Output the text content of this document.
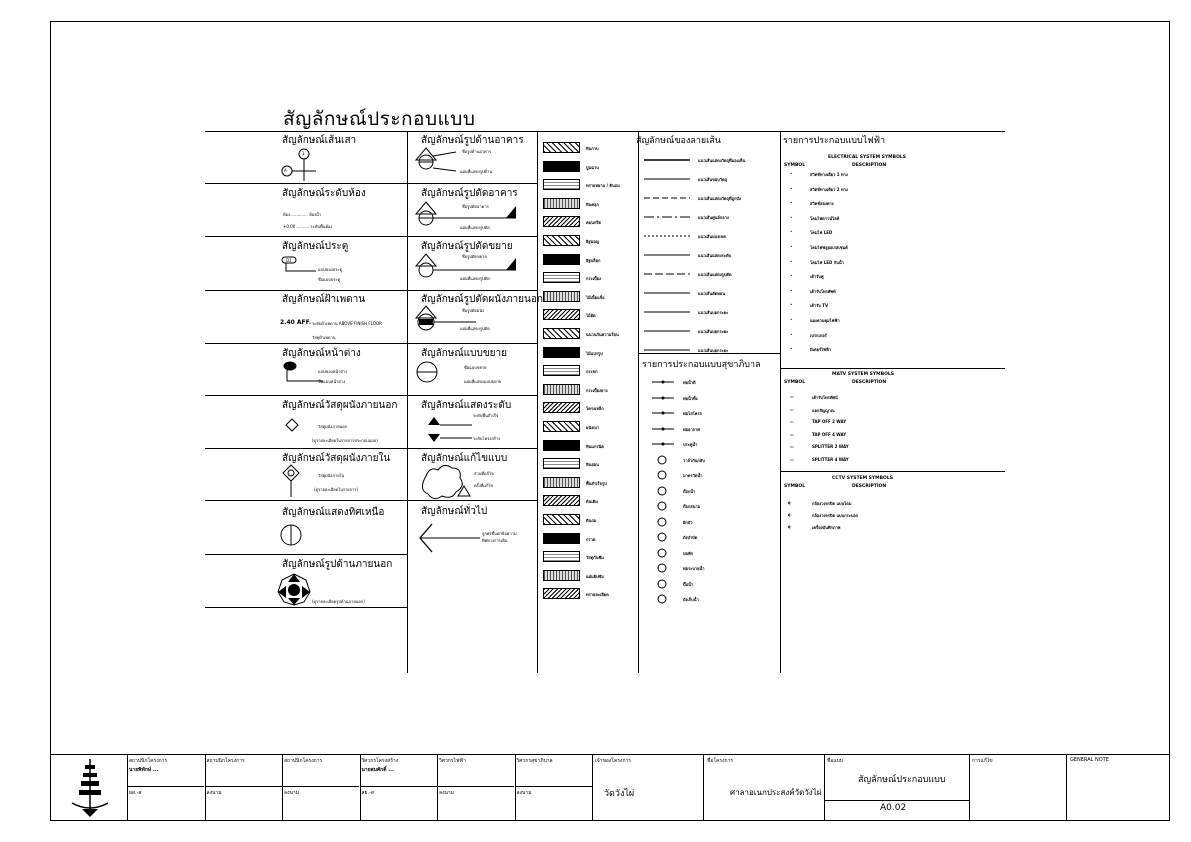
สัญลักษณ์ประกอบแบบ
สัญลักษณ์เส้นเสา
A
1
สัญลักษณ์ระดับห้อง
ห้อง.............. ห้องน้ำ
+0.00 .......... ระดับพื้นห้อง
สัญลักษณ์ประตู
D1
แบบของประตู
ชื่อแบบประตู
สัญลักษณ์ฝ้าเพดาน
2.40 AFF. ระดับฝ้าเพดาน ABOVE FINISH FLOOR
วัสดุฝ้าเพดาน
สัญลักษณ์หน้าต่าง
แบบของหน้าต่าง
ชื่อแบบหน้าต่าง
สัญลักษณ์วัสดุผนังภายนอก
วัสดุผนังภายนอก
(ดูรายละเอียดในรายการประกอบแบบ)
สัญลักษณ์วัสดุผนังภายใน
วัสดุผนังภายใน
(ดูรายละเอียดในรายการ)
สัญลักษณ์แสดงทิศเหนือ
สัญลักษณ์รูปด้านภายนอก
(ดูรายละเอียดรูปด้านภายนอก)
สัญลักษณ์รูปด้านอาคาร
ชื่อรูปด้านอาคาร
แผ่นที่แสดงรูปด้าน
สัญลักษณ์รูปตัดอาคาร
ชื่อรูปตัดอาคาร
แผ่นที่แสดงรูปตัด
สัญลักษณ์รูปตัดขยาย
ชื่อรูปตัดขยาย
แผ่นที่แสดงรูปตัด
สัญลักษณ์รูปตัดผนังภายนอก
ชื่อรูปตัดผนัง
แผ่นที่แสดงรูปตัด
สัญลักษณ์แบบขยาย
ชื่อแบบขยาย
แผ่นที่แสดงแบบขยาย
สัญลักษณ์แสดงระดับ
ระดับพื้นสำเร็จ
ระดับโครงสร้าง
สัญลักษณ์แก้ไขแบบ
ส่วนที่แก้ไข
ครั้งที่แก้ไข
สัญลักษณ์ทั่วไป
ลูกศรชี้บอกข้อความ
ทิศทางการเดิน
หินกาบ
ปูนฉาบ
ทรายหยาบ / ดินถม
หินคลุก
คอนกรีต
อิฐมอญ
อิฐบล็อก
กระเบื้อง
ไม้เนื้อแข็ง
ไม้อัด
ฉนวนกันความร้อน
ไม้แปรรูป
กระจก
กระเบื้องยาง
โครงเหล็ก
ผนังเบา
หินแกรนิต
หินอ่อน
พื้นสำเร็จรูป
ดินเดิม
ดินถม
กรวด
วัสดุกันซึม
แผ่นยิปซัม
ทรายละเอียด
สัญลักษณ์ของลายเส้น
แนวเส้นแสดงวัตถุที่มองเห็น
แนวเส้นขอบวัตถุ
แนวเส้นแสดงวัตถุที่ถูกบัง
แนวเส้นศูนย์กลาง
แนวเส้นแบ่งเขต
แนวเส้นแสดงระดับ
แนวเส้นแสดงรูปตัด
แนวเส้นตัดทอน
แนวเส้นบอกระยะ
แนวเส้นบอกระยะ
แนวเส้นบอกระยะ
รายการประกอบแบบสุขาภิบาล
ท่อน้ำดี
ท่อน้ำทิ้ง
ท่อโสโครก
ท่ออากาศ
ประตูน้ำ
วาล์วกันกลับ
มาตรวัดน้ำ
ก๊อกน้ำ
ก๊อกสนาม
ฝักบัว
ถังบำบัด
บ่อพัก
ท่อระบายน้ำ
ปั๊มน้ำ
ถังเก็บน้ำ
รายการประกอบแบบไฟฟ้า
ELECTRICAL SYSTEM SYMBOLS
SYMBOL	DESCRIPTION
•	สวิตช์ทางเดียว 1 ทาง
•	สวิตช์ทางเดียว 2 ทาง
•	สวิตช์สองทาง
•	โคมไฟดาวน์ไลท์
•	โคมไฟ LED
•	โคมไฟฟลูออเรสเซนต์
•	โคมไฟ LED กันน้ำ
•	เต้ารับคู่
•	เต้ารับโทรศัพท์
•	เต้ารับ TV
•	แผงควบคุมไฟฟ้า
•	เบรกเกอร์
•	มิเตอร์ไฟฟ้า
MATV SYSTEM SYMBOLS
SYMBOL	DESCRIPTION
▭	เต้ารับโทรทัศน์
▭	แยกสัญญาณ
▭	TAP OFF 2 WAY
▭	TAP OFF 4 WAY
▭	SPLITTER 2 WAY
▭	SPLITTER 4 WAY
CCTV SYSTEM SYMBOLS
SYMBOL	DESCRIPTION
◐	กล้องวงจรปิด แบบโดม
◐	กล้องวงจรปิด แบบกระบอก
◐	เครื่องบันทึกภาพ
สถาปนิกโครงการ
นายพิทักษ์ ...
ผส.-ส
สถาปนิกโครงการ
ลงนาม
สถาปนิกโครงการ
ลงนาม
วิศวกรโครงสร้าง
นายสมศักดิ์ ...
สย.-ส
วิศวกรไฟฟ้า
ลงนาม
วิศวกรสุขาภิบาล
ลงนาม
เจ้าของโครงการ
วัดวังไผ่
ชื่อโครงการ
ศาลาอเนกประสงค์วัดวังไผ่
ชื่อแบบ
สัญลักษณ์ประกอบแบบ
A0.02
การแก้ไข	GENERAL NOTE
